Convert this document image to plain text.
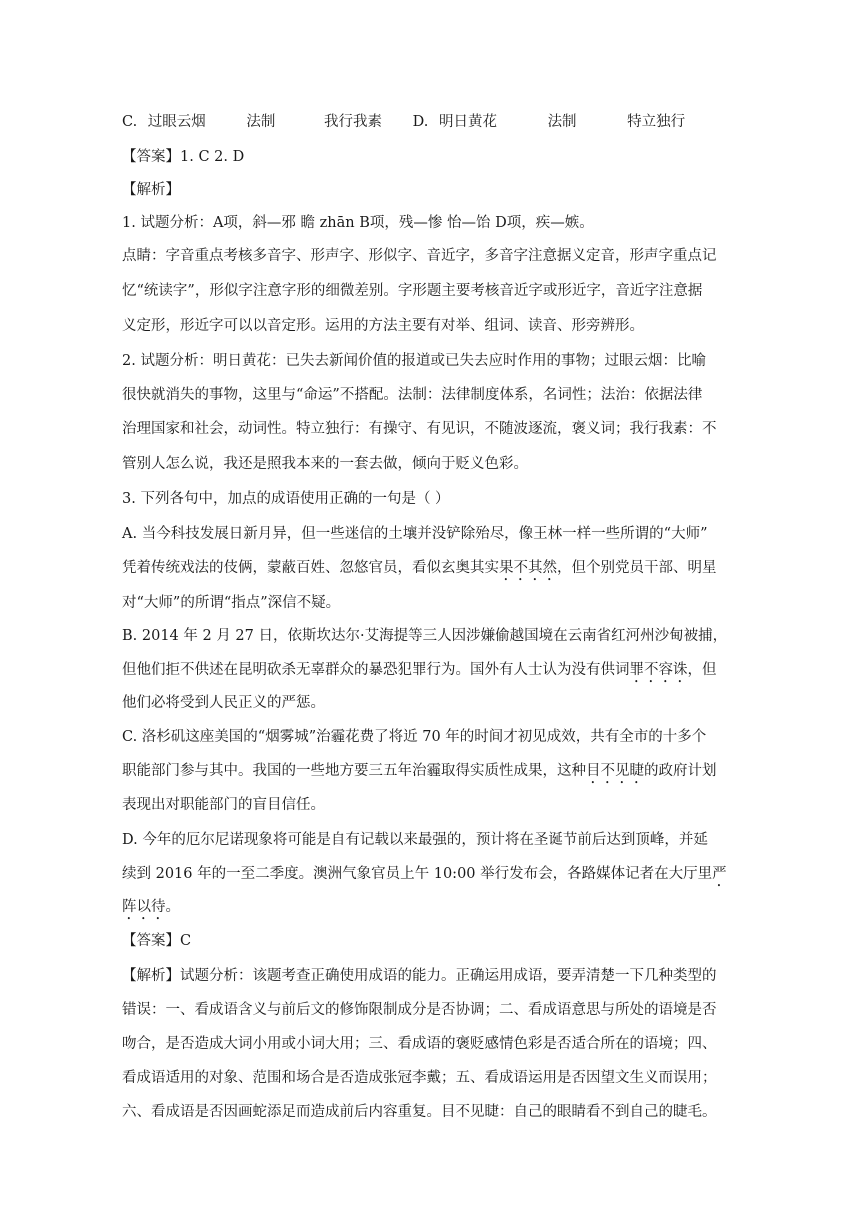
C. 过眼云烟	法制	我行我素 D. 明日黄花	法制	特立独行
【答案】1. C 2. D
【解析】
1. 试题分析：A项，斜—邪 瞻 zhān B项，残—惨 怡—饴 D项，疾—嫉。
点睛：字音重点考核多音字、形声字、形似字、音近字，多音字注意据义定音，形声字重点记
忆“统读字”，形似字注意字形的细微差别。字形题主要考核音近字或形近字，音近字注意据
义定形，形近字可以以音定形。运用的方法主要有对举、组词、读音、形旁辨形。
2. 试题分析：明日黄花：已失去新闻价值的报道或已失去应时作用的事物；过眼云烟：比喻
很快就消失的事物，这里与“命运”不搭配。法制：法律制度体系，名词性；法治：依据法律
治理国家和社会，动词性。特立独行：有操守、有见识，不随波逐流，褒义词；我行我素：不
管别人怎么说，我还是照我本来的一套去做，倾向于贬义色彩。
3. 下列各句中，加点的成语使用正确的一句是（ ）
A. 当今科技发展日新月异，但一些迷信的土壤并没铲除殆尽，像王林一样一些所谓的“大师”
凭着传统戏法的伎俩，蒙蔽百姓、忽悠官员，看似玄奥其实果不其然，但个别党员干部、明星
对“大师”的所谓“指点”深信不疑。
B. 2014 年 2 月 27 日，依斯坎达尔·艾海提等三人因涉嫌偷越国境在云南省红河州沙甸被捕，
但他们拒不供述在昆明砍杀无辜群众的暴恐犯罪行为。国外有人士认为没有供词罪不容诛，但
他们必将受到人民正义的严惩。
C. 洛杉矶这座美国的“烟雾城”治霾花费了将近 70 年的时间才初见成效，共有全市的十多个
职能部门参与其中。我国的一些地方要三五年治霾取得实质性成果，这种目不见睫的政府计划
表现出对职能部门的盲目信任。
D. 今年的厄尔尼诺现象将可能是自有记载以来最强的，预计将在圣诞节前后达到顶峰，并延
续到 2016 年的一至二季度。澳洲气象官员上午 10:00 举行发布会，各路媒体记者在大厅里严
阵以待。
【答案】C
【解析】试题分析：该题考查正确使用成语的能力。正确运用成语，要弄清楚一下几种类型的
错误：一、看成语含义与前后文的修饰限制成分是否协调；二、看成语意思与所处的语境是否
吻合，是否造成大词小用或小词大用；三、看成语的褒贬感情色彩是否适合所在的语境；四、
看成语适用的对象、范围和场合是否造成张冠李戴；五、看成语运用是否因望文生义而误用；
六、看成语是否因画蛇添足而造成前后内容重复。目不见睫：自己的眼睛看不到自己的睫毛。
